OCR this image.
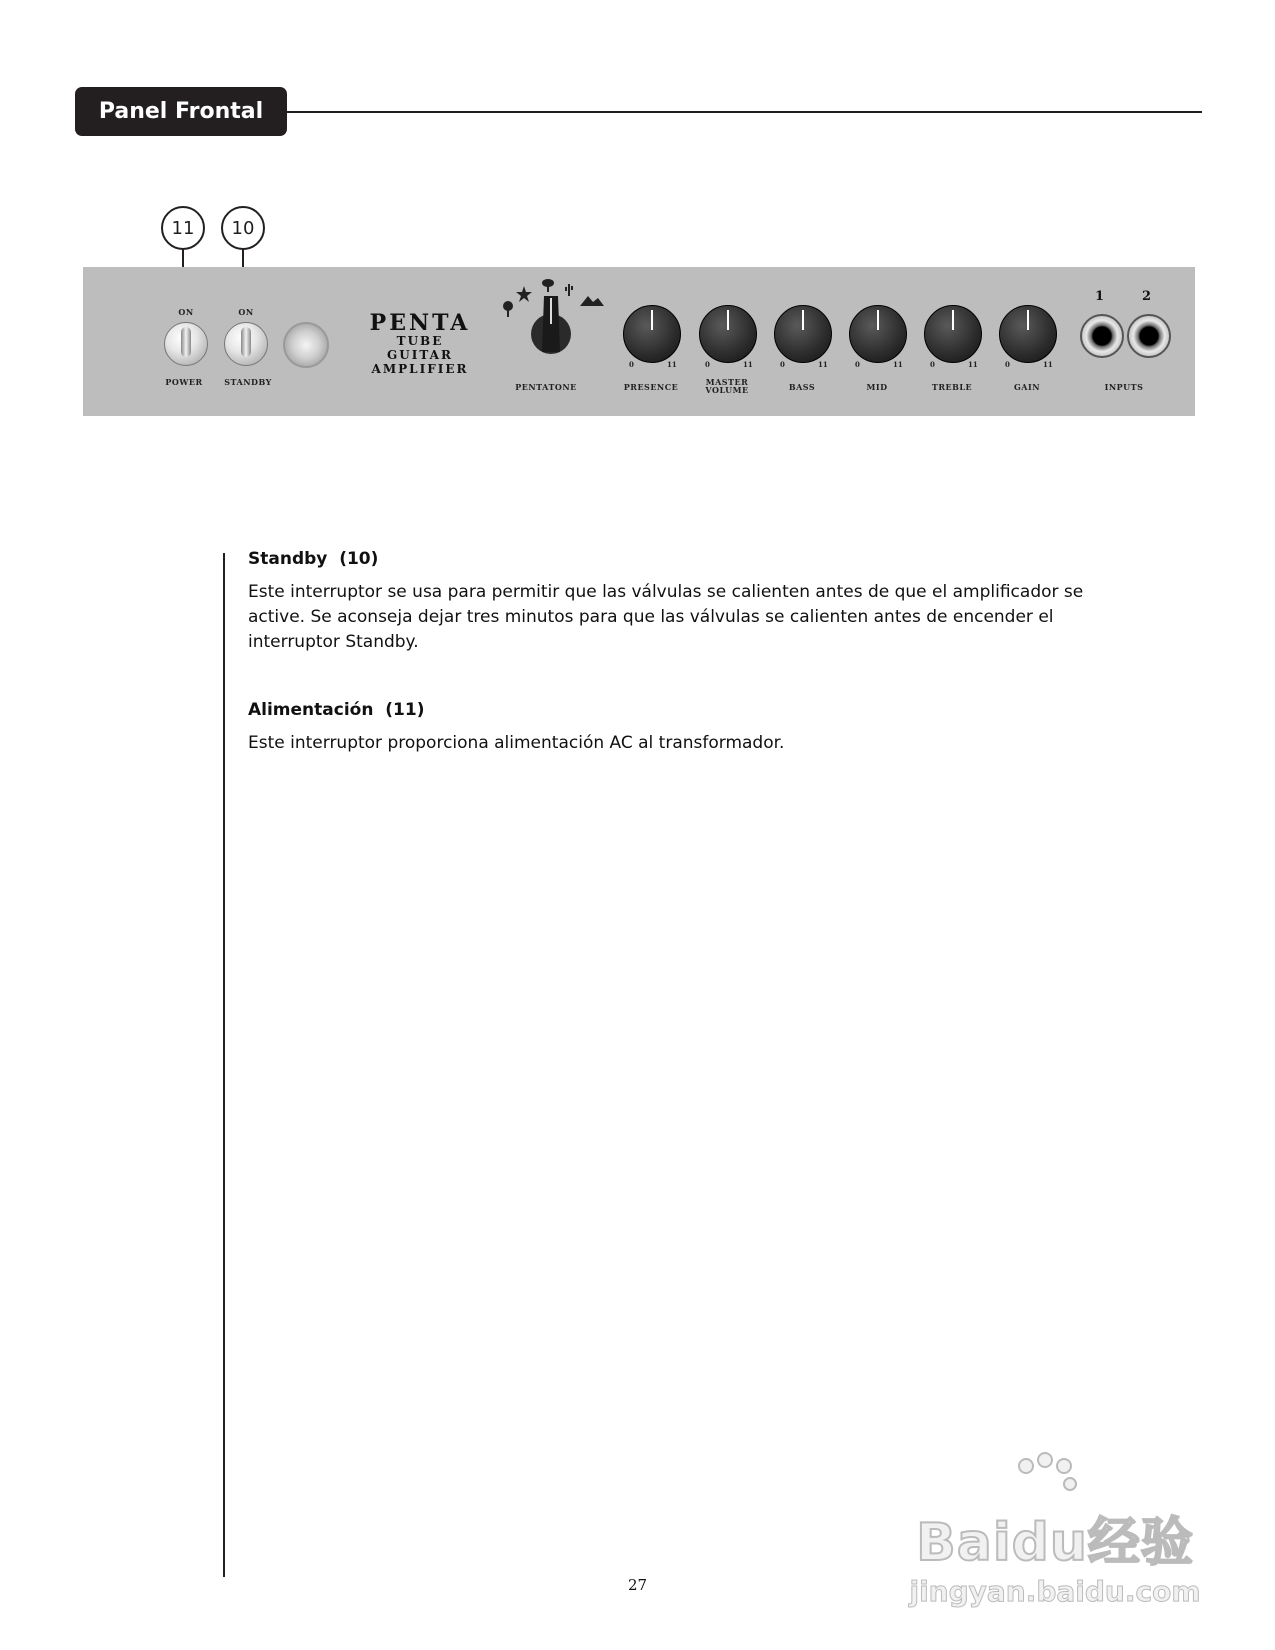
Panel Frontal
11	10
ON	ON
POWER	STANDBY
PENTA
TUBE
GUITAR
AMPLIFIER
PENTATONE
0	11
PRESENCE
0	11
MASTER VOLUME
0	11
BASS
0	11
MID
0	11
TREBLE
0	11
GAIN
1	2
INPUTS
Standby  (10)

Este interruptor se usa para permitir que las válvulas se calienten antes de que el amplificador se active. Se aconseja dejar tres minutos para que las válvulas se calienten antes de encender el interruptor Standby.

Alimentación  (11)

Este interruptor proporciona alimentación AC al transformador.

27
Baidu经验
jingyan.baidu.com
